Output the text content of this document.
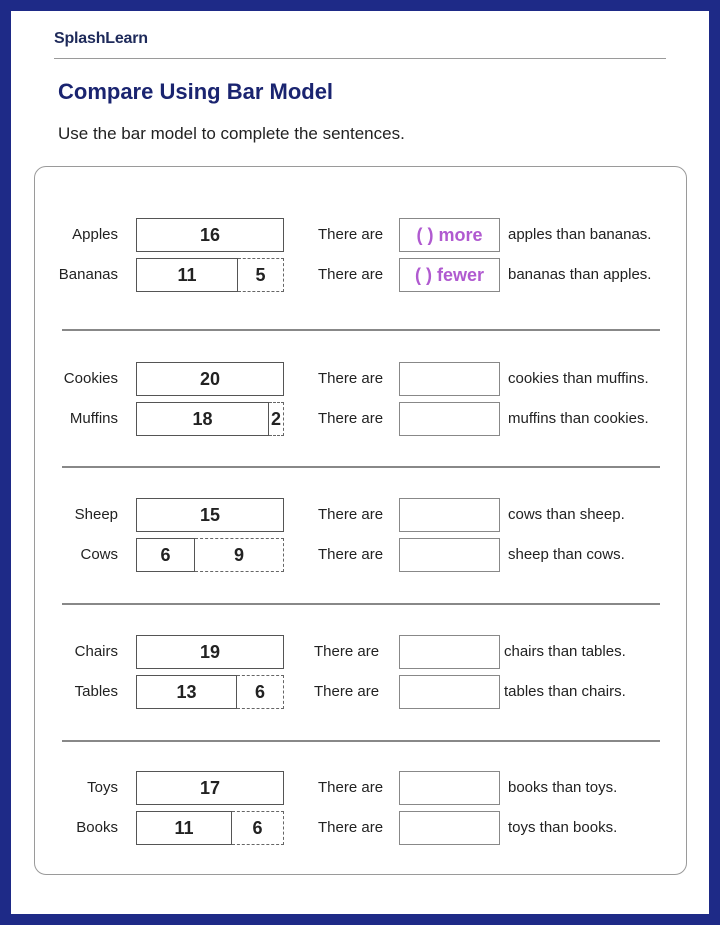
SplashLearn
Compare Using Bar Model
Use the bar model to complete the sentences.
Apples	16	There are	( ) more	apples than bananas.
Bananas	11	5	There are	( ) fewer	bananas than apples.
Cookies	20	There are	cookies than muffins.
Muffins	18	2 There are	muffins than cookies.
Sheep	15	There are	cows than sheep.
Cows	6	9	There are	sheep than cows.
Chairs	19	There are	chairs than tables.
Tables	13	6	There are	tables than chairs.
Toys	17	There are	books than toys.
Books	11	6	There are	toys than books.
